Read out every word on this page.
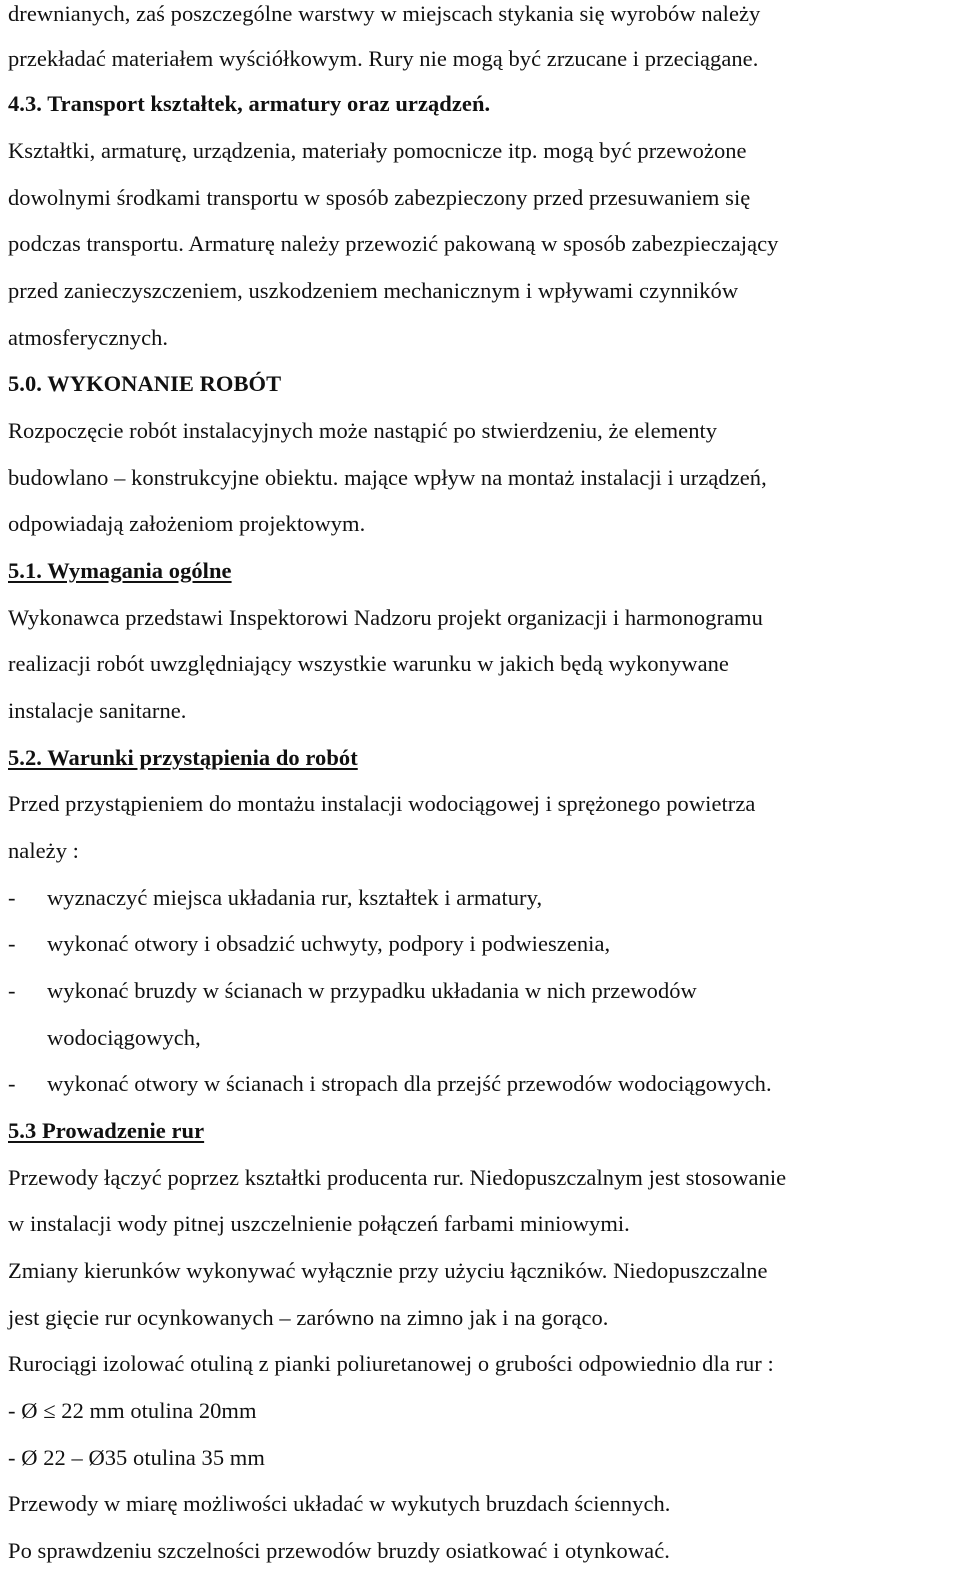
drewnianych, zaś poszczególne warstwy w miejscach stykania się wyrobów należy
przekładać materiałem wyściółkowym. Rury nie mogą być zrzucane i przeciągane.
4.3. Transport kształtek, armatury oraz urządzeń.
Kształtki, armaturę, urządzenia, materiały pomocnicze itp. mogą być przewożone
dowolnymi środkami transportu w sposób zabezpieczony przed przesuwaniem się
podczas transportu. Armaturę należy przewozić pakowaną w sposób zabezpieczający
przed zanieczyszczeniem, uszkodzeniem mechanicznym i wpływami czynników
atmosferycznych.
5.0. WYKONANIE ROBÓT
Rozpoczęcie robót instalacyjnych może nastąpić po stwierdzeniu, że elementy
budowlano – konstrukcyjne obiektu. mające wpływ na montaż instalacji i urządzeń,
odpowiadają założeniom projektowym.
5.1. Wymagania ogólne
Wykonawca przedstawi Inspektorowi Nadzoru projekt organizacji i harmonogramu
realizacji robót uwzględniający wszystkie warunku w jakich będą wykonywane
instalacje sanitarne.
5.2. Warunki przystąpienia do robót
Przed przystąpieniem do montażu instalacji wodociągowej i sprężonego powietrza
należy :
- wyznaczyć miejsca układania rur, kształtek i armatury,
- wykonać otwory i obsadzić uchwyty, podpory i podwieszenia,
- wykonać bruzdy w ścianach w przypadku układania w nich przewodów
wodociągowych,
- wykonać otwory w ścianach i stropach dla przejść przewodów wodociągowych.
5.3 Prowadzenie rur
Przewody łączyć poprzez kształtki producenta rur. Niedopuszczalnym jest stosowanie
w instalacji wody pitnej uszczelnienie połączeń farbami miniowymi.
Zmiany kierunków wykonywać wyłącznie przy użyciu łączników. Niedopuszczalne
jest gięcie rur ocynkowanych – zarówno na zimno jak i na gorąco.
Rurociągi izolować otuliną z pianki poliuretanowej o grubości odpowiednio dla rur :
- Ø ≤ 22 mm otulina 20mm
- Ø 22 – Ø35 otulina 35 mm
Przewody w miarę możliwości układać w wykutych bruzdach ściennych.
Po sprawdzeniu szczelności przewodów bruzdy osiatkować i otynkować.
